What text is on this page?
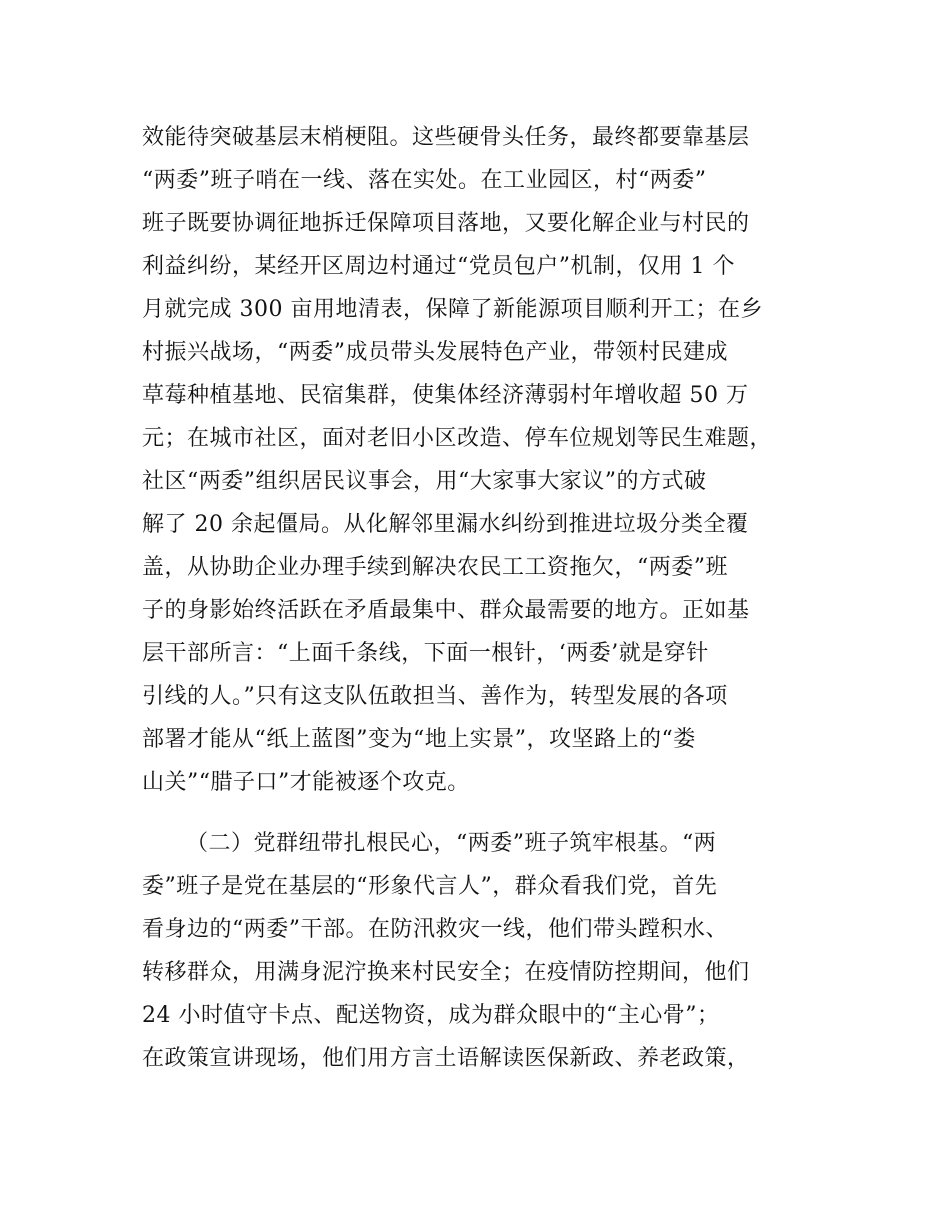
效能待突破基层末梢梗阻。这些硬骨头任务，最终都要靠基层
“两委”班子哨在一线、落在实处。在工业园区，村“两委”
班子既要协调征地拆迁保障项目落地，又要化解企业与村民的
利益纠纷，某经开区周边村通过“党员包户”机制，仅用 1 个
月就完成 300 亩用地清表，保障了新能源项目顺利开工；在乡
村振兴战场，“两委”成员带头发展特色产业，带领村民建成
草莓种植基地、民宿集群，使集体经济薄弱村年增收超 50 万
元；在城市社区，面对老旧小区改造、停车位规划等民生难题，
社区“两委”组织居民议事会，用“大家事大家议”的方式破
解了 20 余起僵局。从化解邻里漏水纠纷到推进垃圾分类全覆
盖，从协助企业办理手续到解决农民工工资拖欠，“两委”班
子的身影始终活跃在矛盾最集中、群众最需要的地方。正如基
层干部所言：“上面千条线，下面一根针，‘两委’就是穿针
引线的人。”只有这支队伍敢担当、善作为，转型发展的各项
部署才能从“纸上蓝图”变为“地上实景”，攻坚路上的“娄
山关”“腊子口”才能被逐个攻克。
（二）党群纽带扎根民心，“两委”班子筑牢根基。“两
委”班子是党在基层的“形象代言人”，群众看我们党，首先
看身边的“两委”干部。在防汛救灾一线，他们带头蹚积水、
转移群众，用满身泥泞换来村民安全；在疫情防控期间，他们
24 小时值守卡点、配送物资，成为群众眼中的“主心骨”；
在政策宣讲现场，他们用方言土语解读医保新政、养老政策，
